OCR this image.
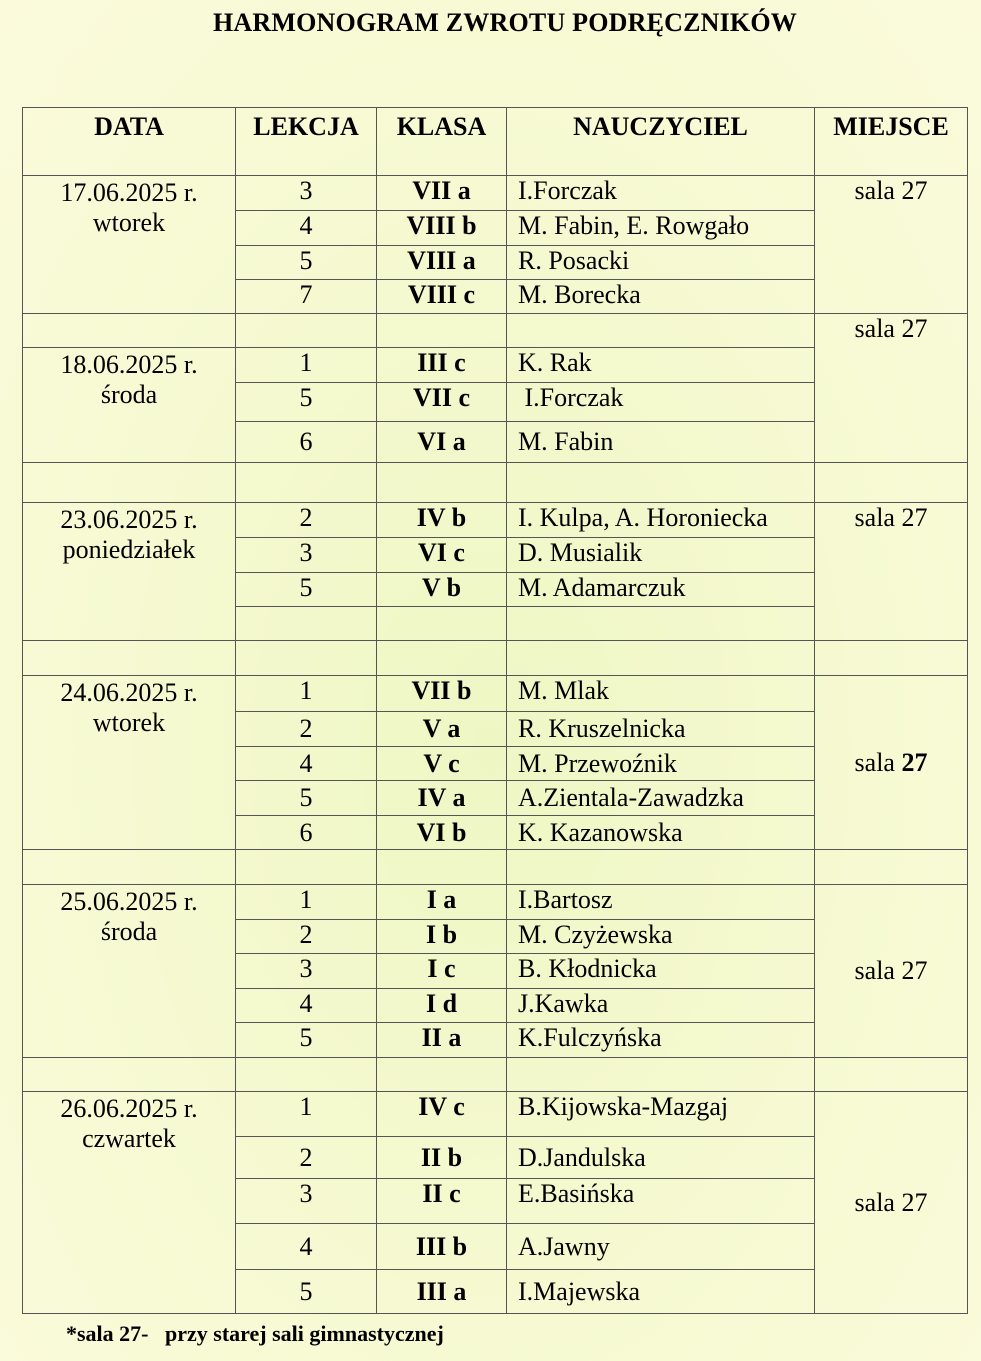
HARMONOGRAM ZWROTU PODRĘCZNIKÓW
DATA	LEKCJA	KLASA	NAUCZYCIEL	MIEJSCE

17.06.2025 r.
wtorek	3	VII a	I.Forczak	sala 27
	4	VIII b	M. Fabin, E. Rowgało	
	5	VIII a	R. Posacki	
	7	VIII c	M. Borecka	
				sala 27

18.06.2025 r.
środa	1	III c	K. Rak	
	5	VII c	I.Forczak	
	6	VI a	M. Fabin	

23.06.2025 r.
poniedziałek	2	IV b	I. Kulpa, A. Horoniecka	sala 27
	3	VI c	D. Musialik	
	5	V b	M. Adamarczuk	

24.06.2025 r.
wtorek	1	VII b	M. Mlak	sala 27
	2	V a	R. Kruszelnicka	
	4	V c	M. Przewoźnik	
	5	IV a	A.Zientala-Zawadzka	
	6	VI b	K. Kazanowska	

25.06.2025 r.
środa	1	I a	I.Bartosz	sala 27
	2	I b	M. Czyżewska	
	3	I c	B. Kłodnicka	
	4	I d	J.Kawka	
	5	II a	K.Fulczyńska	

26.06.2025 r.
czwartek	1	IV c	B.Kijowska-Mazgaj	sala 27
	2	II b	D.Jandulska	
	3	II c	E.Basińska	
	4	III b	A.Jawny	
	5	III a	I.Majewska	
*sala 27-   przy starej sali gimnastycznej
